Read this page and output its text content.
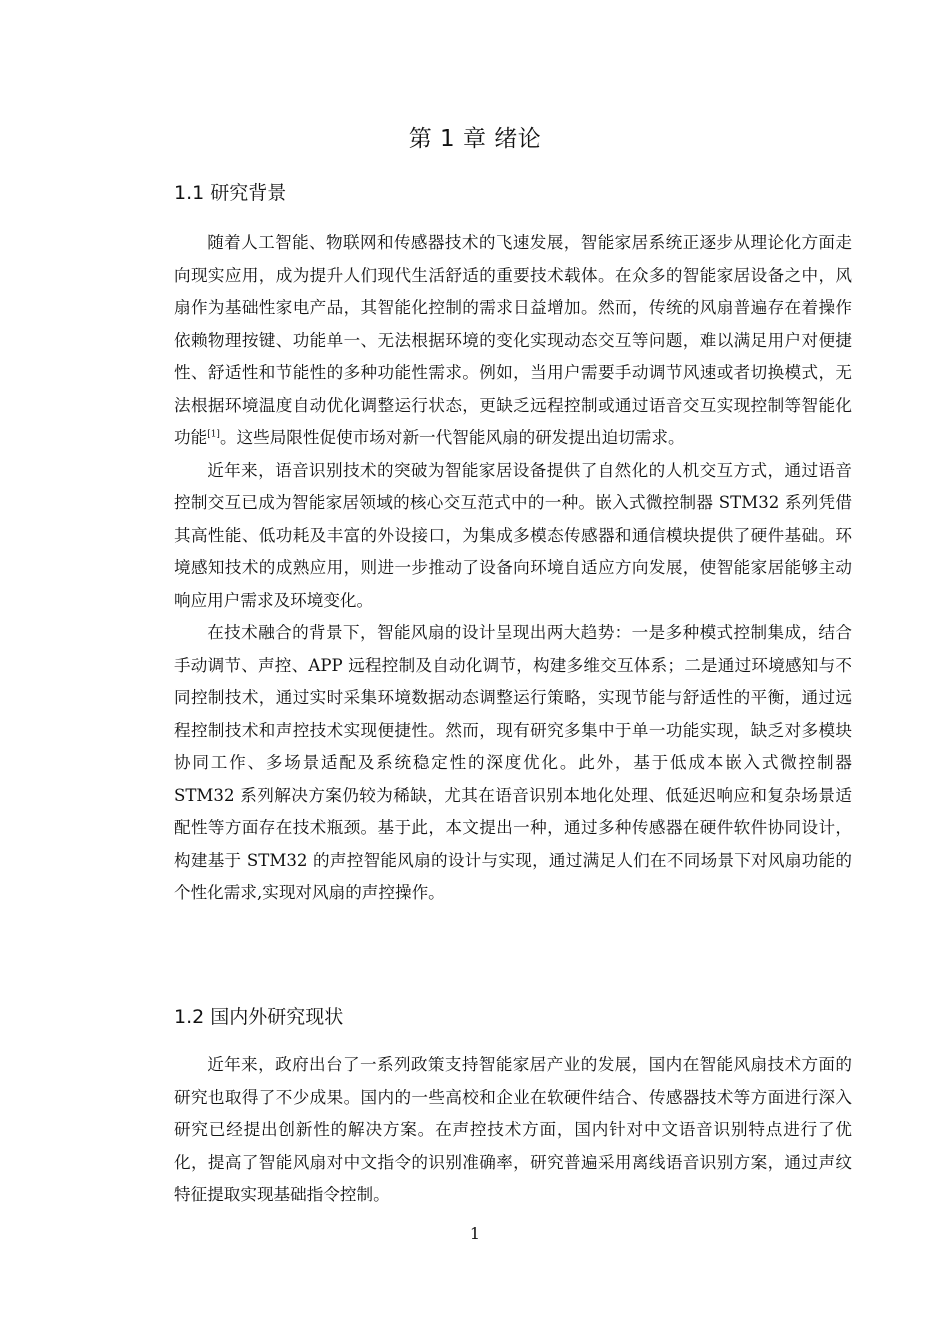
第 1 章 绪论
1.1 研究背景

随着人工智能、物联网和传感器技术的飞速发展，智能家居系统正逐步从理论化方面走向现实应用，成为提升人们现代生活舒适的重要技术载体。在众多的智能家居设备之中，风扇作为基础性家电产品，其智能化控制的需求日益增加。然而，传统的风扇普遍存在着操作依赖物理按键、功能单一、无法根据环境的变化实现动态交互等问题，难以满足用户对便捷性、舒适性和节能性的多种功能性需求。例如，当用户需要手动调节风速或者切换模式，无法根据环境温度自动优化调整运行状态，更缺乏远程控制或通过语音交互实现控制等智能化功能[1]。这些局限性促使市场对新一代智能风扇的研发提出迫切需求。

近年来，语音识别技术的突破为智能家居设备提供了自然化的人机交互方式，通过语音控制交互已成为智能家居领域的核心交互范式中的一种。嵌入式微控制器 STM32 系列凭借其高性能、低功耗及丰富的外设接口，为集成多模态传感器和通信模块提供了硬件基础。环境感知技术的成熟应用，则进一步推动了设备向环境自适应方向发展，使智能家居能够主动响应用户需求及环境变化。

在技术融合的背景下，智能风扇的设计呈现出两大趋势：一是多种模式控制集成，结合手动调节、声控、APP 远程控制及自动化调节，构建多维交互体系；二是通过环境感知与不同控制技术，通过实时采集环境数据动态调整运行策略，实现节能与舒适性的平衡，通过远程控制技术和声控技术实现便捷性。然而，现有研究多集中于单一功能实现，缺乏对多模块协同工作、多场景适配及系统稳定性的深度优化。此外，基于低成本嵌入式微控制器 STM32 系列解决方案仍较为稀缺，尤其在语音识别本地化处理、低延迟响应和复杂场景适配性等方面存在技术瓶颈。基于此，本文提出一种，通过多种传感器在硬件软件协同设计，构建基于 STM32 的声控智能风扇的设计与实现，通过满足人们在不同场景下对风扇功能的个性化需求,实现对风扇的声控操作。

1.2 国内外研究现状

近年来，政府出台了一系列政策支持智能家居产业的发展，国内在智能风扇技术方面的研究也取得了不少成果。国内的一些高校和企业在软硬件结合、传感器技术等方面进行深入研究已经提出创新性的解决方案。在声控技术方面，国内针对中文语音识别特点进行了优化，提高了智能风扇对中文指令的识别准确率，研究普遍采用离线语音识别方案，通过声纹特征提取实现基础指令控制。

1
